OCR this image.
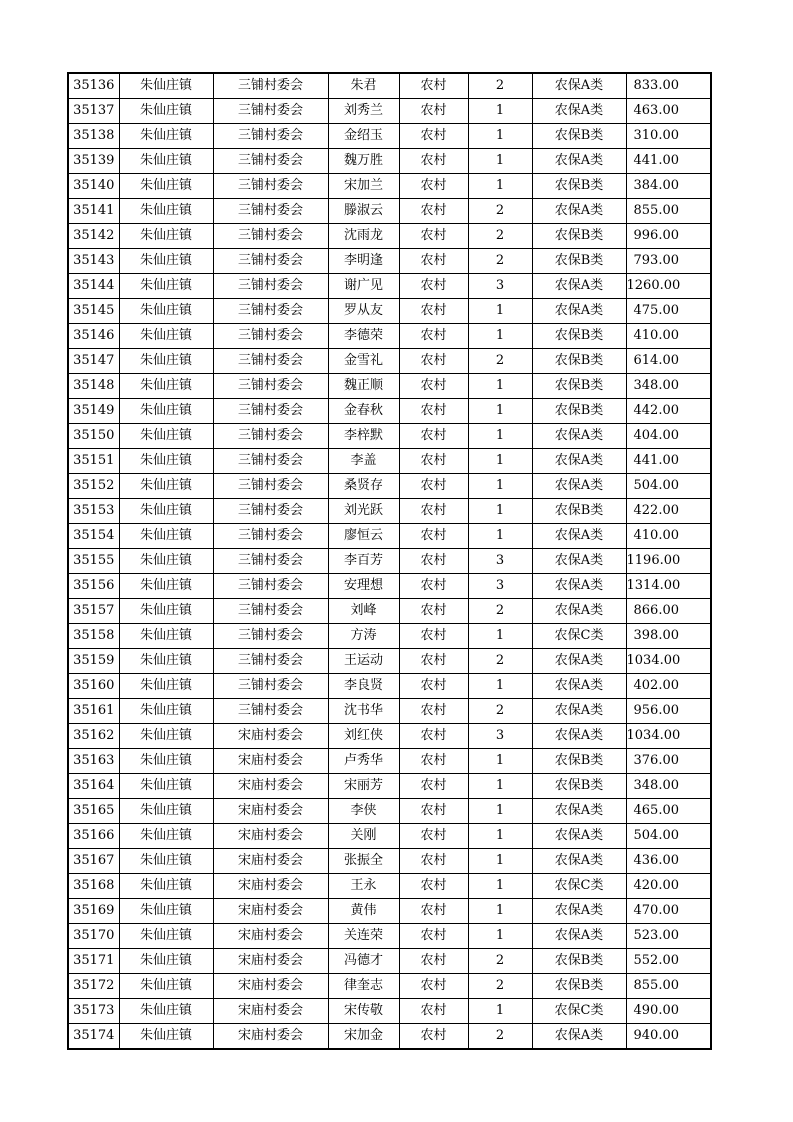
35136	朱仙庄镇	三铺村委会	朱君	农村	2	农保A类	833.00
35137	朱仙庄镇	三铺村委会	刘秀兰	农村	1	农保A类	463.00
35138	朱仙庄镇	三铺村委会	金绍玉	农村	1	农保B类	310.00
35139	朱仙庄镇	三铺村委会	魏万胜	农村	1	农保A类	441.00
35140	朱仙庄镇	三铺村委会	宋加兰	农村	1	农保B类	384.00
35141	朱仙庄镇	三铺村委会	滕淑云	农村	2	农保A类	855.00
35142	朱仙庄镇	三铺村委会	沈雨龙	农村	2	农保B类	996.00
35143	朱仙庄镇	三铺村委会	李明逢	农村	2	农保B类	793.00
35144	朱仙庄镇	三铺村委会	谢广见	农村	3	农保A类	1260.00
35145	朱仙庄镇	三铺村委会	罗从友	农村	1	农保A类	475.00
35146	朱仙庄镇	三铺村委会	李德荣	农村	1	农保B类	410.00
35147	朱仙庄镇	三铺村委会	金雪礼	农村	2	农保B类	614.00
35148	朱仙庄镇	三铺村委会	魏正顺	农村	1	农保B类	348.00
35149	朱仙庄镇	三铺村委会	金春秋	农村	1	农保B类	442.00
35150	朱仙庄镇	三铺村委会	李梓默	农村	1	农保A类	404.00
35151	朱仙庄镇	三铺村委会	李盖	农村	1	农保A类	441.00
35152	朱仙庄镇	三铺村委会	桑贤存	农村	1	农保A类	504.00
35153	朱仙庄镇	三铺村委会	刘光跃	农村	1	农保B类	422.00
35154	朱仙庄镇	三铺村委会	廖恒云	农村	1	农保A类	410.00
35155	朱仙庄镇	三铺村委会	李百芳	农村	3	农保A类	1196.00
35156	朱仙庄镇	三铺村委会	安理想	农村	3	农保A类	1314.00
35157	朱仙庄镇	三铺村委会	刘峰	农村	2	农保A类	866.00
35158	朱仙庄镇	三铺村委会	方涛	农村	1	农保C类	398.00
35159	朱仙庄镇	三铺村委会	王运动	农村	2	农保A类	1034.00
35160	朱仙庄镇	三铺村委会	李良贤	农村	1	农保A类	402.00
35161	朱仙庄镇	三铺村委会	沈书华	农村	2	农保A类	956.00
35162	朱仙庄镇	宋庙村委会	刘红侠	农村	3	农保A类	1034.00
35163	朱仙庄镇	宋庙村委会	卢秀华	农村	1	农保B类	376.00
35164	朱仙庄镇	宋庙村委会	宋丽芳	农村	1	农保B类	348.00
35165	朱仙庄镇	宋庙村委会	李侠	农村	1	农保A类	465.00
35166	朱仙庄镇	宋庙村委会	关刚	农村	1	农保A类	504.00
35167	朱仙庄镇	宋庙村委会	张振全	农村	1	农保A类	436.00
35168	朱仙庄镇	宋庙村委会	王永	农村	1	农保C类	420.00
35169	朱仙庄镇	宋庙村委会	黄伟	农村	1	农保A类	470.00
35170	朱仙庄镇	宋庙村委会	关连荣	农村	1	农保A类	523.00
35171	朱仙庄镇	宋庙村委会	冯德才	农村	2	农保B类	552.00
35172	朱仙庄镇	宋庙村委会	律奎志	农村	2	农保B类	855.00
35173	朱仙庄镇	宋庙村委会	宋传敬	农村	1	农保C类	490.00
35174	朱仙庄镇	宋庙村委会	宋加金	农村	2	农保A类	940.00
